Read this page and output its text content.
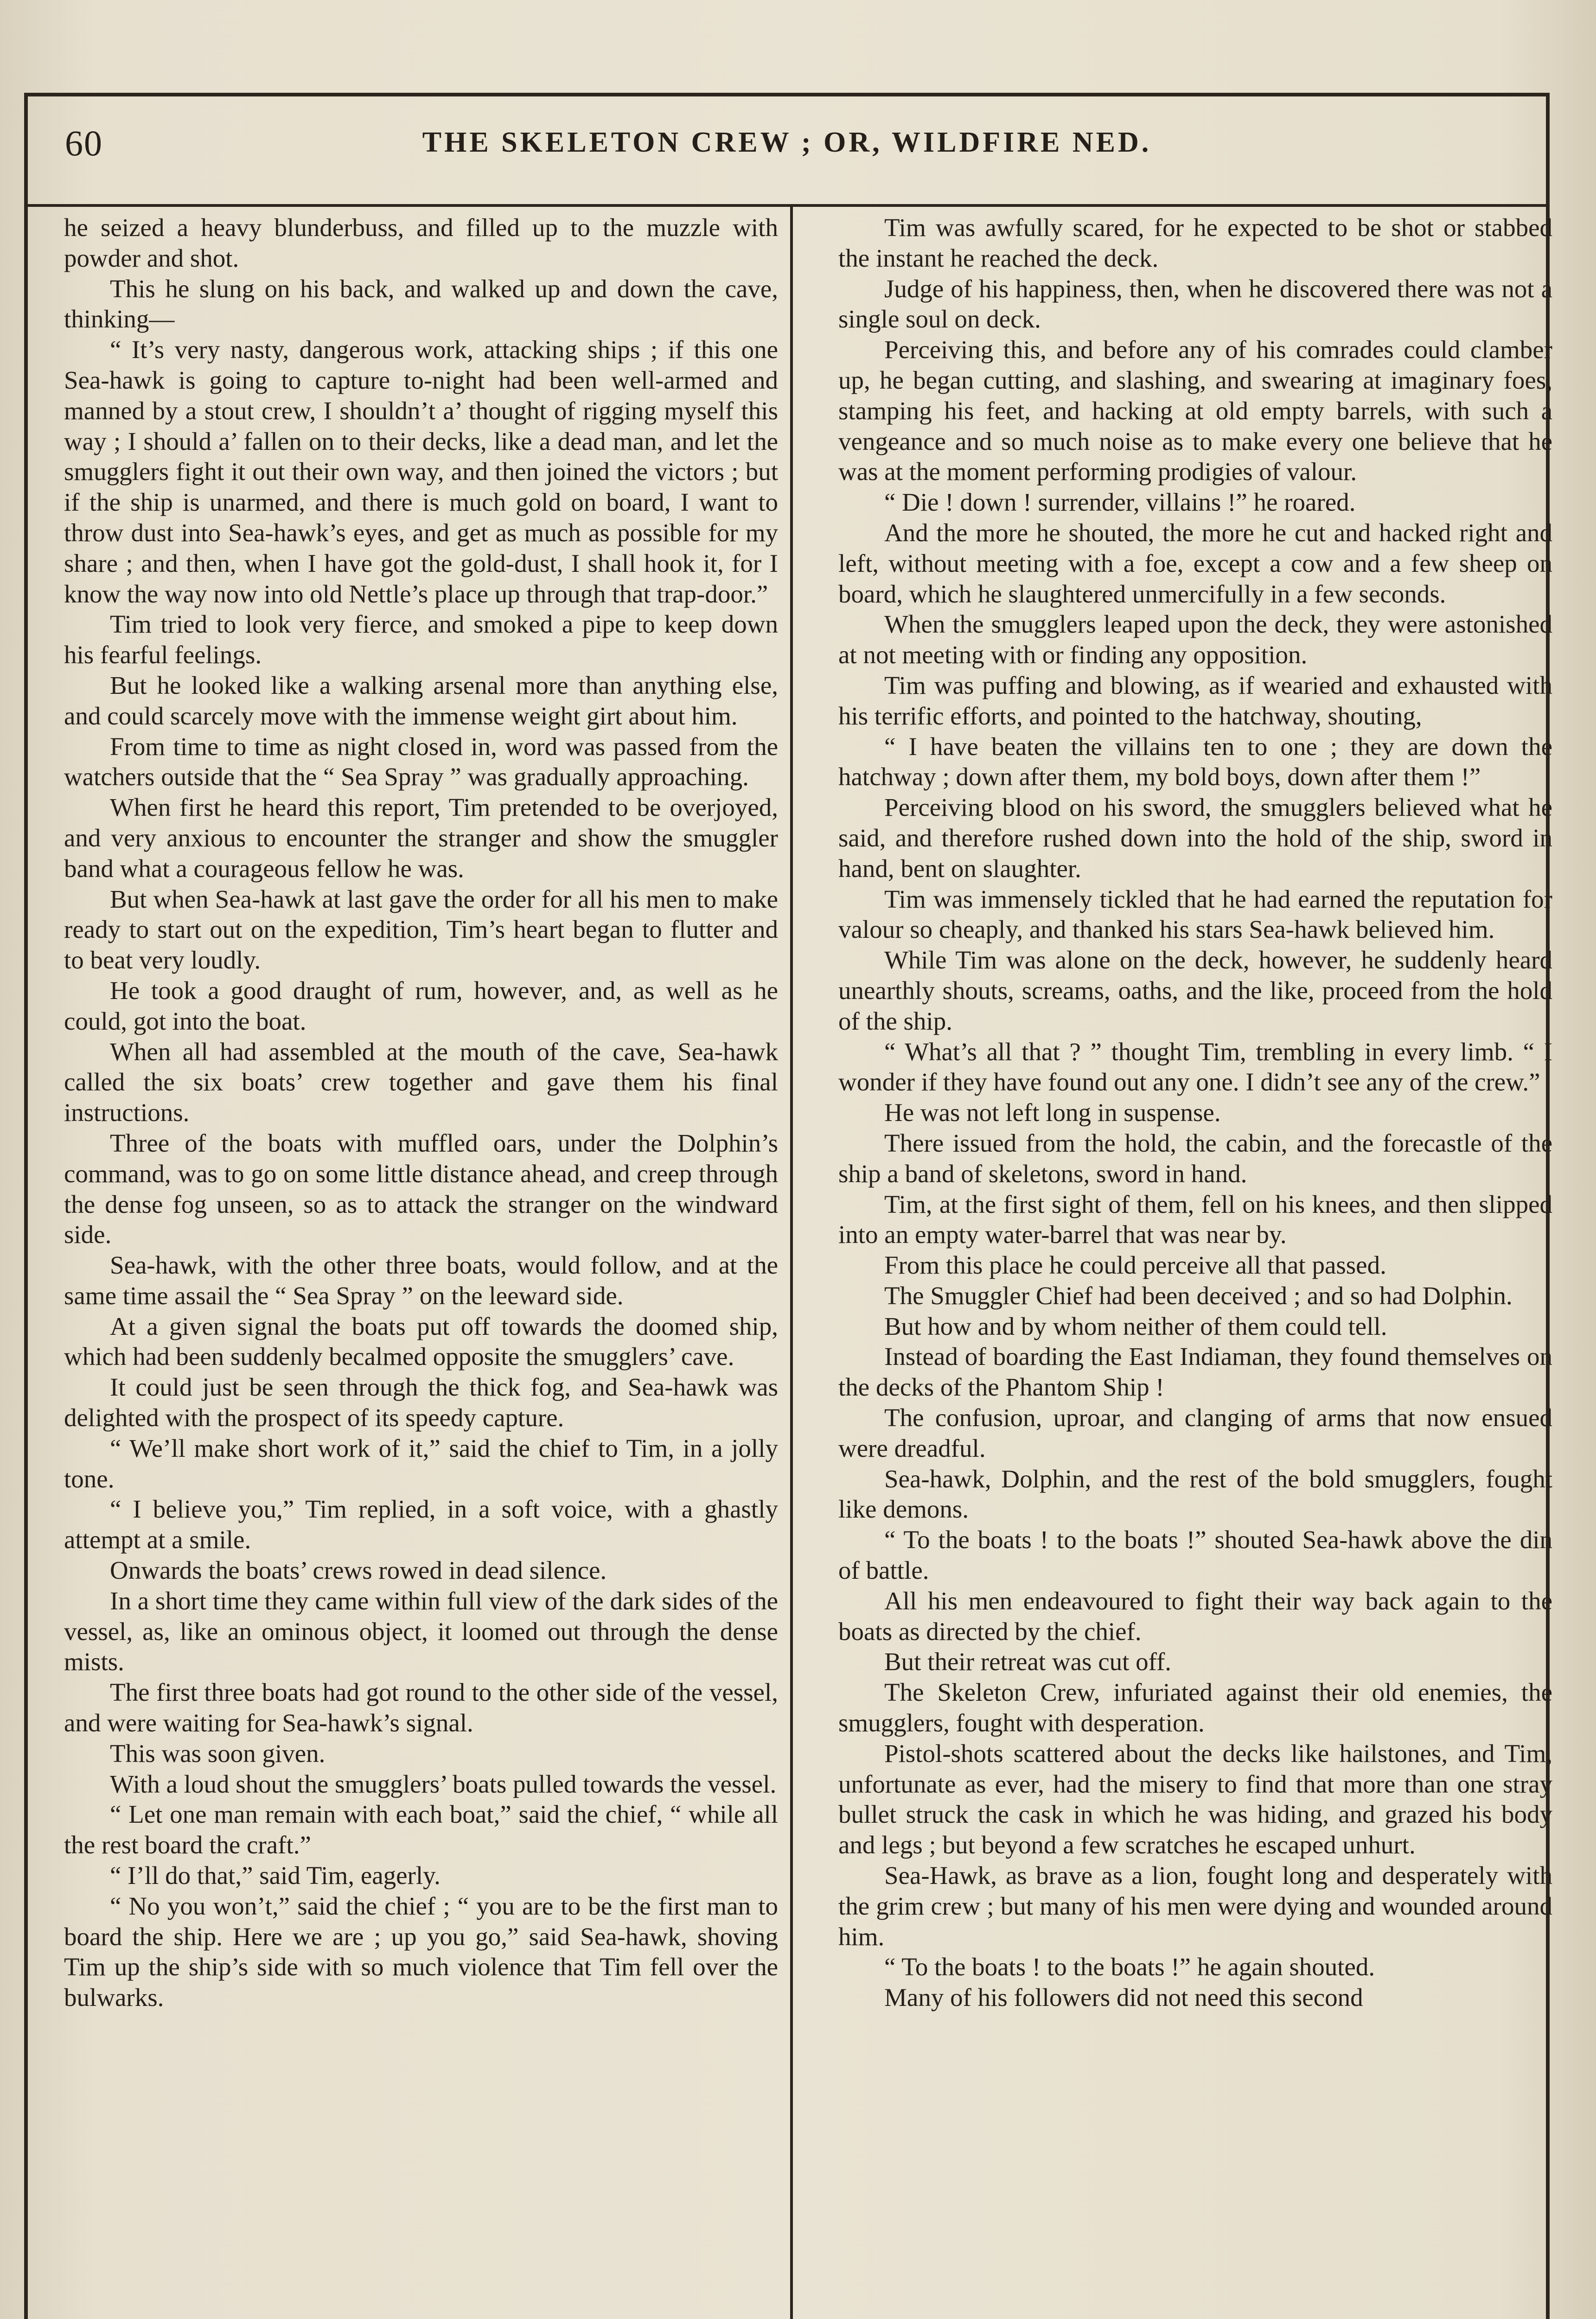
60	THE SKELETON CREW ; OR, WILDFIRE NED.

he seized a heavy blunderbuss, and filled up to the muzzle with powder and shot.

This he slung on his back, and walked up and down the cave, thinking—

“ It’s very nasty, dangerous work, attacking ships ; if this one Sea-hawk is going to capture to-night had been well-armed and manned by a stout crew, I shouldn’t a’ thought of rigging myself this way ; I should a’ fallen on to their decks, like a dead man, and let the smugglers fight it out their own way, and then joined the victors ; but if the ship is unarmed, and there is much gold on board, I want to throw dust into Sea-hawk’s eyes, and get as much as possible for my share ; and then, when I have got the gold-dust, I shall hook it, for I know the way now into old Nettle’s place up through that trap-door.”

Tim tried to look very fierce, and smoked a pipe to keep down his fearful feelings.

But he looked like a walking arsenal more than anything else, and could scarcely move with the immense weight girt about him.

From time to time as night closed in, word was passed from the watchers outside that the “ Sea Spray ” was gradually approaching.

When first he heard this report, Tim pretended to be overjoyed, and very anxious to encounter the stranger and show the smuggler band what a courageous fellow he was.

But when Sea-hawk at last gave the order for all his men to make ready to start out on the expedition, Tim’s heart began to flutter and to beat very loudly.

He took a good draught of rum, however, and, as well as he could, got into the boat.

When all had assembled at the mouth of the cave, Sea-hawk called the six boats’ crew together and gave them his final instructions.

Three of the boats with muffled oars, under the Dolphin’s command, was to go on some little distance ahead, and creep through the dense fog unseen, so as to attack the stranger on the windward side.

Sea-hawk, with the other three boats, would follow, and at the same time assail the “ Sea Spray ” on the leeward side.

At a given signal the boats put off towards the doomed ship, which had been suddenly becalmed opposite the smugglers’ cave.

It could just be seen through the thick fog, and Sea-hawk was delighted with the prospect of its speedy capture.

“ We’ll make short work of it,” said the chief to Tim, in a jolly tone.

“ I believe you,” Tim replied, in a soft voice, with a ghastly attempt at a smile.

Onwards the boats’ crews rowed in dead silence.

In a short time they came within full view of the dark sides of the vessel, as, like an ominous object, it loomed out through the dense mists.

The first three boats had got round to the other side of the vessel, and were waiting for Sea-hawk’s signal.

This was soon given.

With a loud shout the smugglers’ boats pulled towards the vessel.

“ Let one man remain with each boat,” said the chief, “ while all the rest board the craft.”

“ I’ll do that,” said Tim, eagerly.

“ No you won’t,” said the chief ; “ you are to be the first man to board the ship. Here we are ; up you go,” said Sea-hawk, shoving Tim up the ship’s side with so much violence that Tim fell over the bulwarks.

Tim was awfully scared, for he expected to be shot or stabbed the instant he reached the deck.

Judge of his happiness, then, when he discovered there was not a single soul on deck.

Perceiving this, and before any of his comrades could clamber up, he began cutting, and slashing, and swearing at imaginary foes, stamping his feet, and hacking at old empty barrels, with such a vengeance and so much noise as to make every one believe that he was at the moment performing prodigies of valour.

“ Die ! down ! surrender, villains !” he roared.

And the more he shouted, the more he cut and hacked right and left, without meeting with a foe, except a cow and a few sheep on board, which he slaughtered unmercifully in a few seconds.

When the smugglers leaped upon the deck, they were astonished at not meeting with or finding any opposition.

Tim was puffing and blowing, as if wearied and exhausted with his terrific efforts, and pointed to the hatchway, shouting,

“ I have beaten the villains ten to one ; they are down the hatchway ; down after them, my bold boys, down after them !”

Perceiving blood on his sword, the smugglers believed what he said, and therefore rushed down into the hold of the ship, sword in hand, bent on slaughter.

Tim was immensely tickled that he had earned the reputation for valour so cheaply, and thanked his stars Sea-hawk believed him.

While Tim was alone on the deck, however, he suddenly heard unearthly shouts, screams, oaths, and the like, proceed from the hold of the ship.

“ What’s all that ? ” thought Tim, trembling in every limb. “ I wonder if they have found out any one. I didn’t see any of the crew.”

He was not left long in suspense.

There issued from the hold, the cabin, and the forecastle of the ship a band of skeletons, sword in hand.

Tim, at the first sight of them, fell on his knees, and then slipped into an empty water-barrel that was near by.

From this place he could perceive all that passed.

The Smuggler Chief had been deceived ; and so had Dolphin.

But how and by whom neither of them could tell.

Instead of boarding the East Indiaman, they found themselves on the decks of the Phantom Ship !

The confusion, uproar, and clanging of arms that now ensued were dreadful.

Sea-hawk, Dolphin, and the rest of the bold smugglers, fought like demons.

“ To the boats ! to the boats !” shouted Sea-hawk above the din of battle.

All his men endeavoured to fight their way back again to the boats as directed by the chief.

But their retreat was cut off.

The Skeleton Crew, infuriated against their old enemies, the smugglers, fought with desperation.

Pistol-shots scattered about the decks like hailstones, and Tim, unfortunate as ever, had the misery to find that more than one stray bullet struck the cask in which he was hiding, and grazed his body and legs ; but beyond a few scratches he escaped unhurt.

Sea-Hawk, as brave as a lion, fought long and desperately with the grim crew ; but many of his men were dying and wounded around him.

“ To the boats ! to the boats !” he again shouted.

Many of his followers did not need this second
